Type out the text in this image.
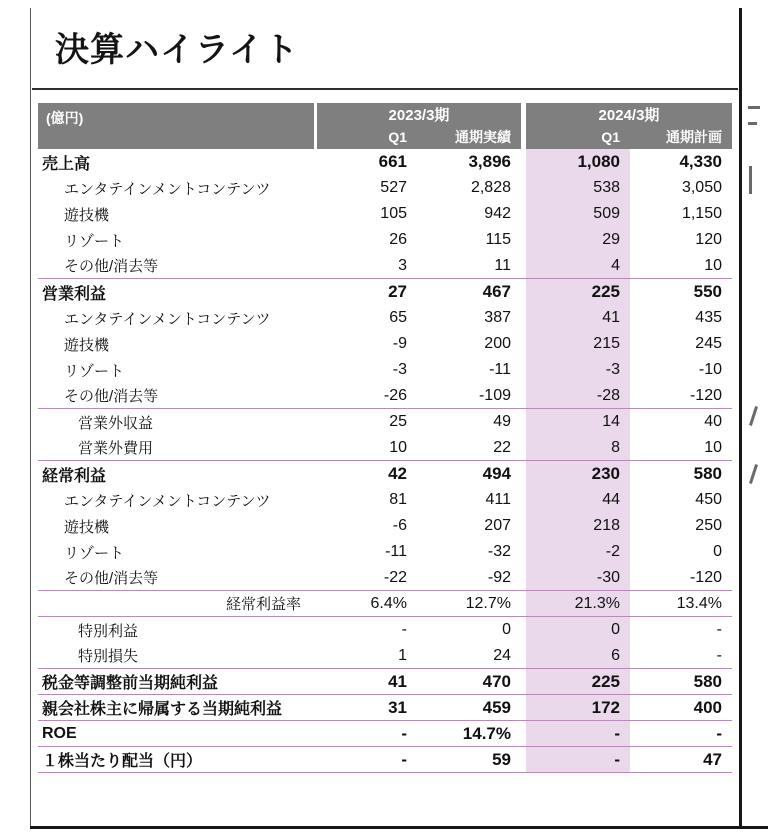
決算ハイライト
(億円)	2023/3期
Q1	通期実績
2024/3期
Q1	通期計画
売上高	661	3,896	1,080	4,330
エンタテインメントコンテンツ	527	2,828	538	3,050
遊技機	105	942	509	1,150
リゾート	26	115	29	120
その他/消去等	3	11	4	10
営業利益	27	467	225	550
エンタテインメントコンテンツ	65	387	41	435
遊技機	-9	200	215	245
リゾート	-3	-11	-3	-10
その他/消去等	-26	-109	-28	-120
営業外収益	25	49	14	40
営業外費用	10	22	8	10
経常利益	42	494	230	580
エンタテインメントコンテンツ	81	411	44	450
遊技機	-6	207	218	250
リゾート	-11	-32	-2	0
その他/消去等	-22	-92	-30	-120
経常利益率	6.4%	12.7%	21.3%	13.4%
特別利益	-	0	0	-
特別損失	1	24	6	-
税金等調整前当期純利益	41	470	225	580
親会社株主に帰属する当期純利益	31	459	172	400
ROE	-	14.7%	-	-
１株当たり配当（円）	-	59	-	47
